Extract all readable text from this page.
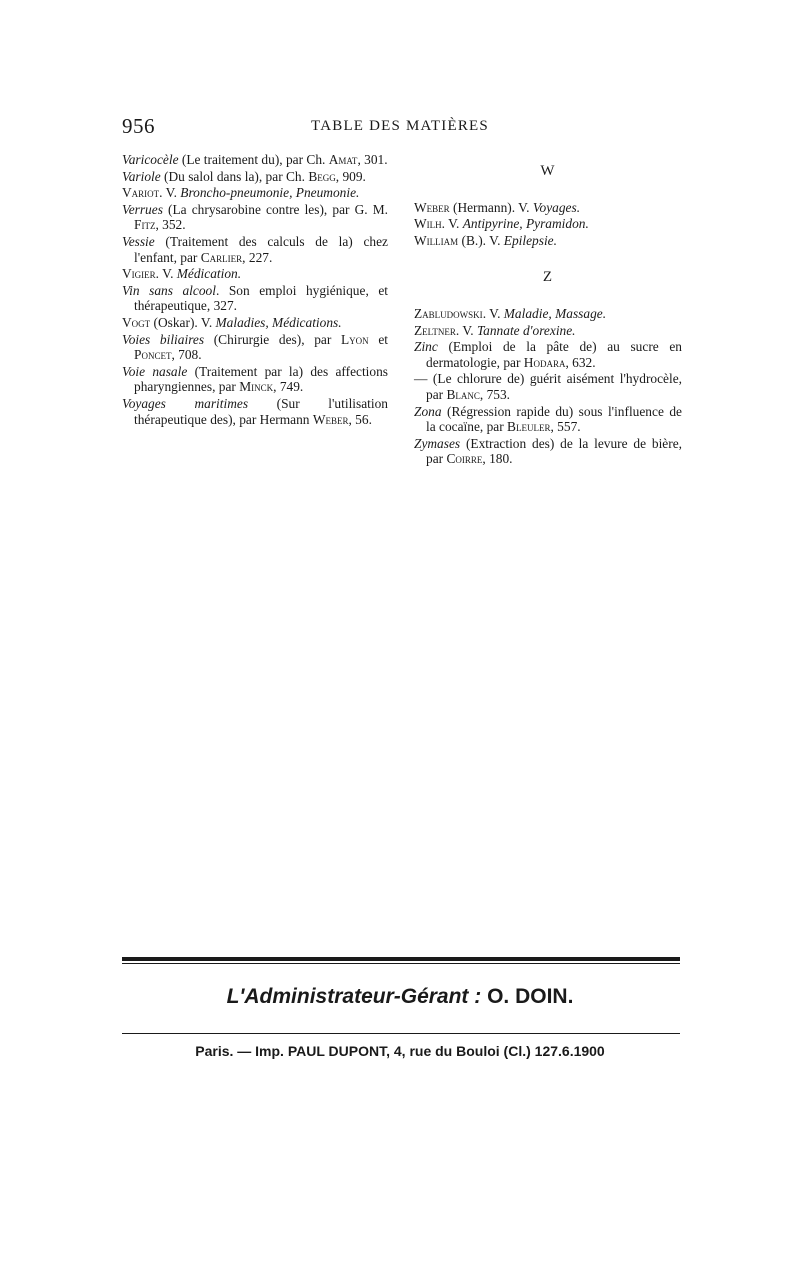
956	TABLE DES MATIÈRES

Varicocèle (Le traitement du), par Ch. Amat, 301.

Variole (Du salol dans la), par Ch. Begg, 909.

Variot. V. Broncho-pneumonie, Pneumonie.

Verrues (La chrysarobine contre les), par G. M. Fitz, 352.

Vessie (Traitement des calculs de la) chez l'enfant, par Carlier, 227.

Vigier. V. Médication.

Vin sans alcool. Son emploi hygiénique, et thérapeutique, 327.

Vogt (Oskar). V. Maladies, Médications.

Voies biliaires (Chirurgie des), par Lyon et Poncet, 708.

Voie nasale (Traitement par la) des affections pharyngiennes, par Minck, 749.

Voyages maritimes (Sur l'utilisation thérapeutique des), par Hermann Weber, 56.

W

Weber (Hermann). V. Voyages.

Wilh. V. Antipyrine, Pyramidon.

William (B.). V. Epilepsie.

Z

Zabludowski. V. Maladie, Massage.

Zeltner. V. Tannate d'orexine.

Zinc (Emploi de la pâte de) au sucre en dermatologie, par Hodara, 632.

— (Le chlorure de) guérit aisément l'hydrocèle, par Blanc, 753.

Zona (Régression rapide du) sous l'influence de la cocaïne, par Bleuler, 557.

Zymases (Extraction des) de la levure de bière, par Coirre, 180.

L'Administrateur-Gérant : O. DOIN.
Paris. — Imp. PAUL DUPONT, 4, rue du Bouloi (Cl.) 127.6.1900
